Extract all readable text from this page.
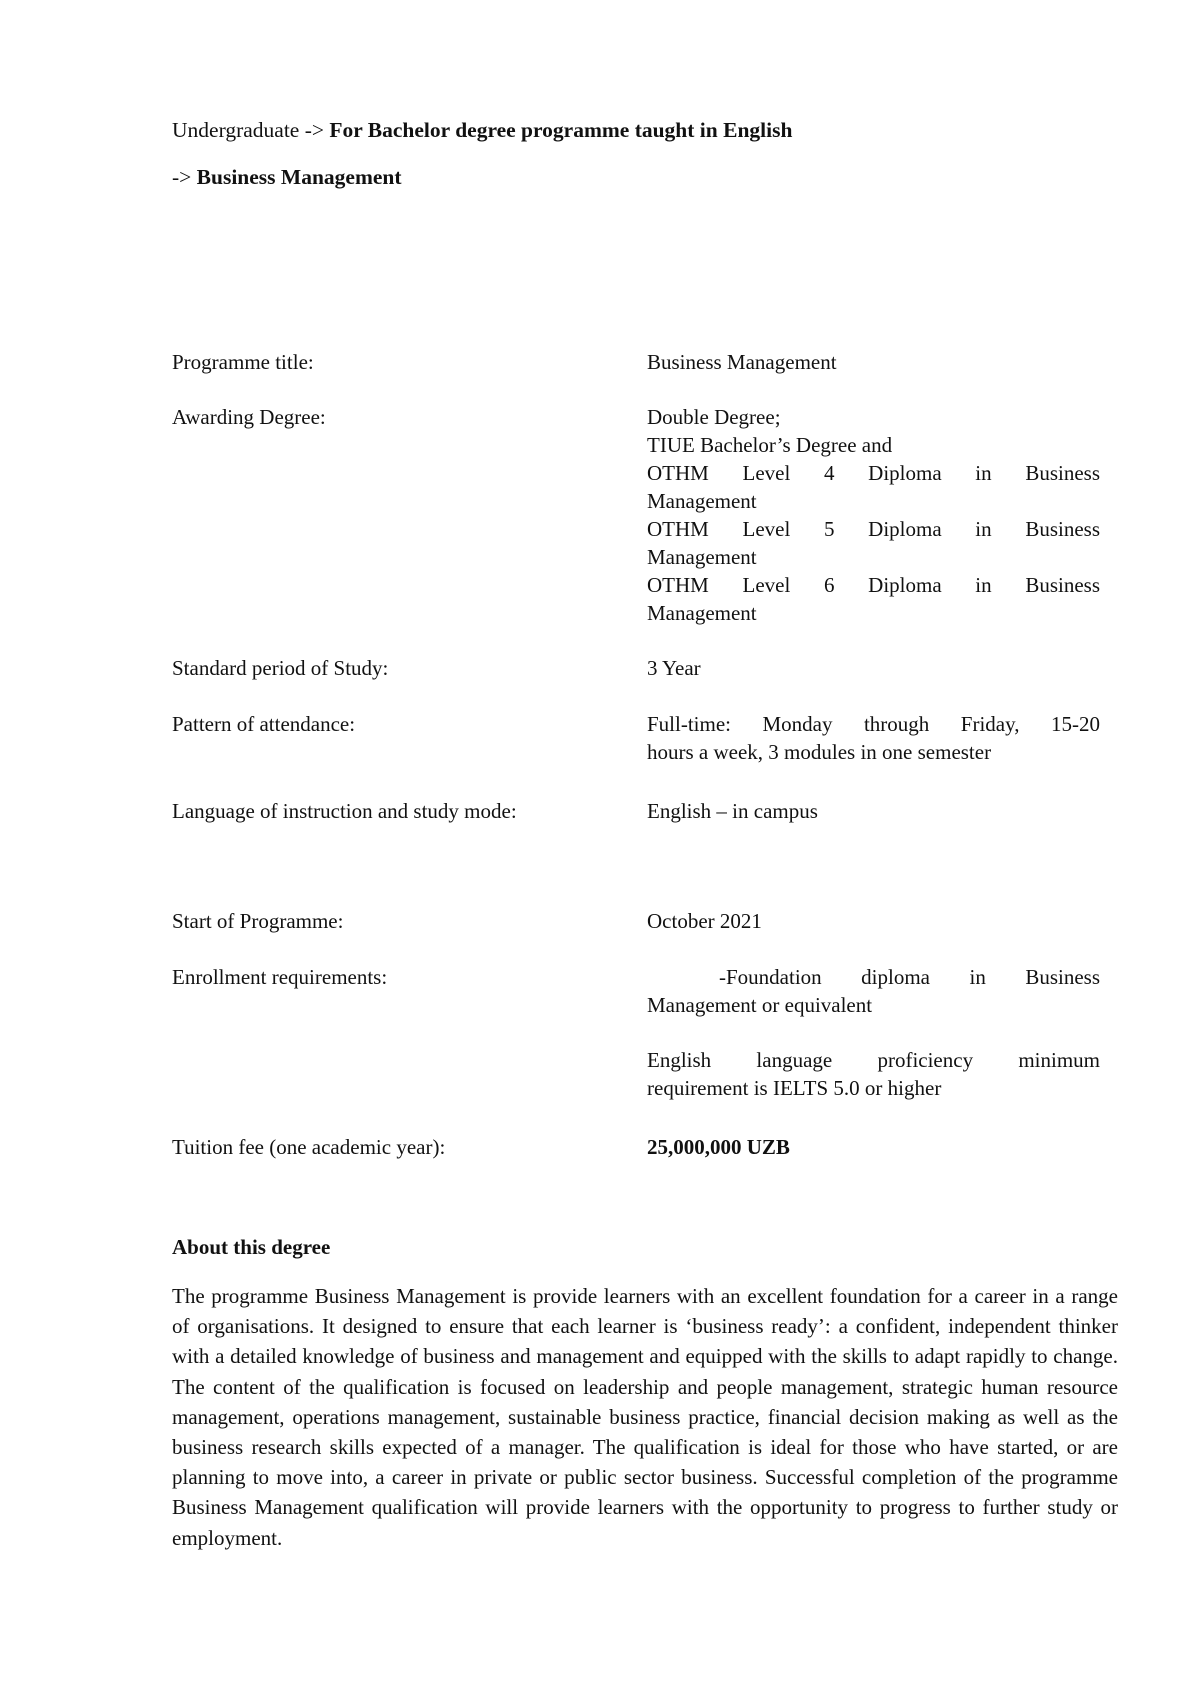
Undergraduate -> For Bachelor degree programme taught in English
-> Business Management
Programme title:	Business Management
Awarding Degree:	Double Degree;
TIUE Bachelor’s Degree and
OTHM Level 4 Diploma in Business
Management
OTHM Level 5 Diploma in Business
Management
OTHM Level 6 Diploma in Business
Management
Standard period of Study:	3 Year
Pattern of attendance:	Full-time: Monday through Friday, 15-20
hours a week, 3 modules in one semester
Language of instruction and study mode:	English – in campus
Start of Programme:	October 2021
Enrollment requirements:	-Foundation diploma in Business
Management or equivalent
English language proficiency minimum
requirement is IELTS 5.0 or higher
Tuition fee (one academic year):	25,000,000 UZB
About this degree
The programme Business Management is provide learners with an excellent foundation for a career in a range of organisations. It designed to ensure that each learner is ‘business ready’: a confident, independent thinker with a detailed knowledge of business and management and equipped with the skills to adapt rapidly to change. The content of the qualification is focused on leadership and people management, strategic human resource management, operations management, sustainable business practice, financial decision making as well as the business research skills expected of a manager. The qualification is ideal for those who have started, or are planning to move into, a career in private or public sector business. Successful completion of the programme Business Management qualification will provide learners with the opportunity to progress to further study or employment.
